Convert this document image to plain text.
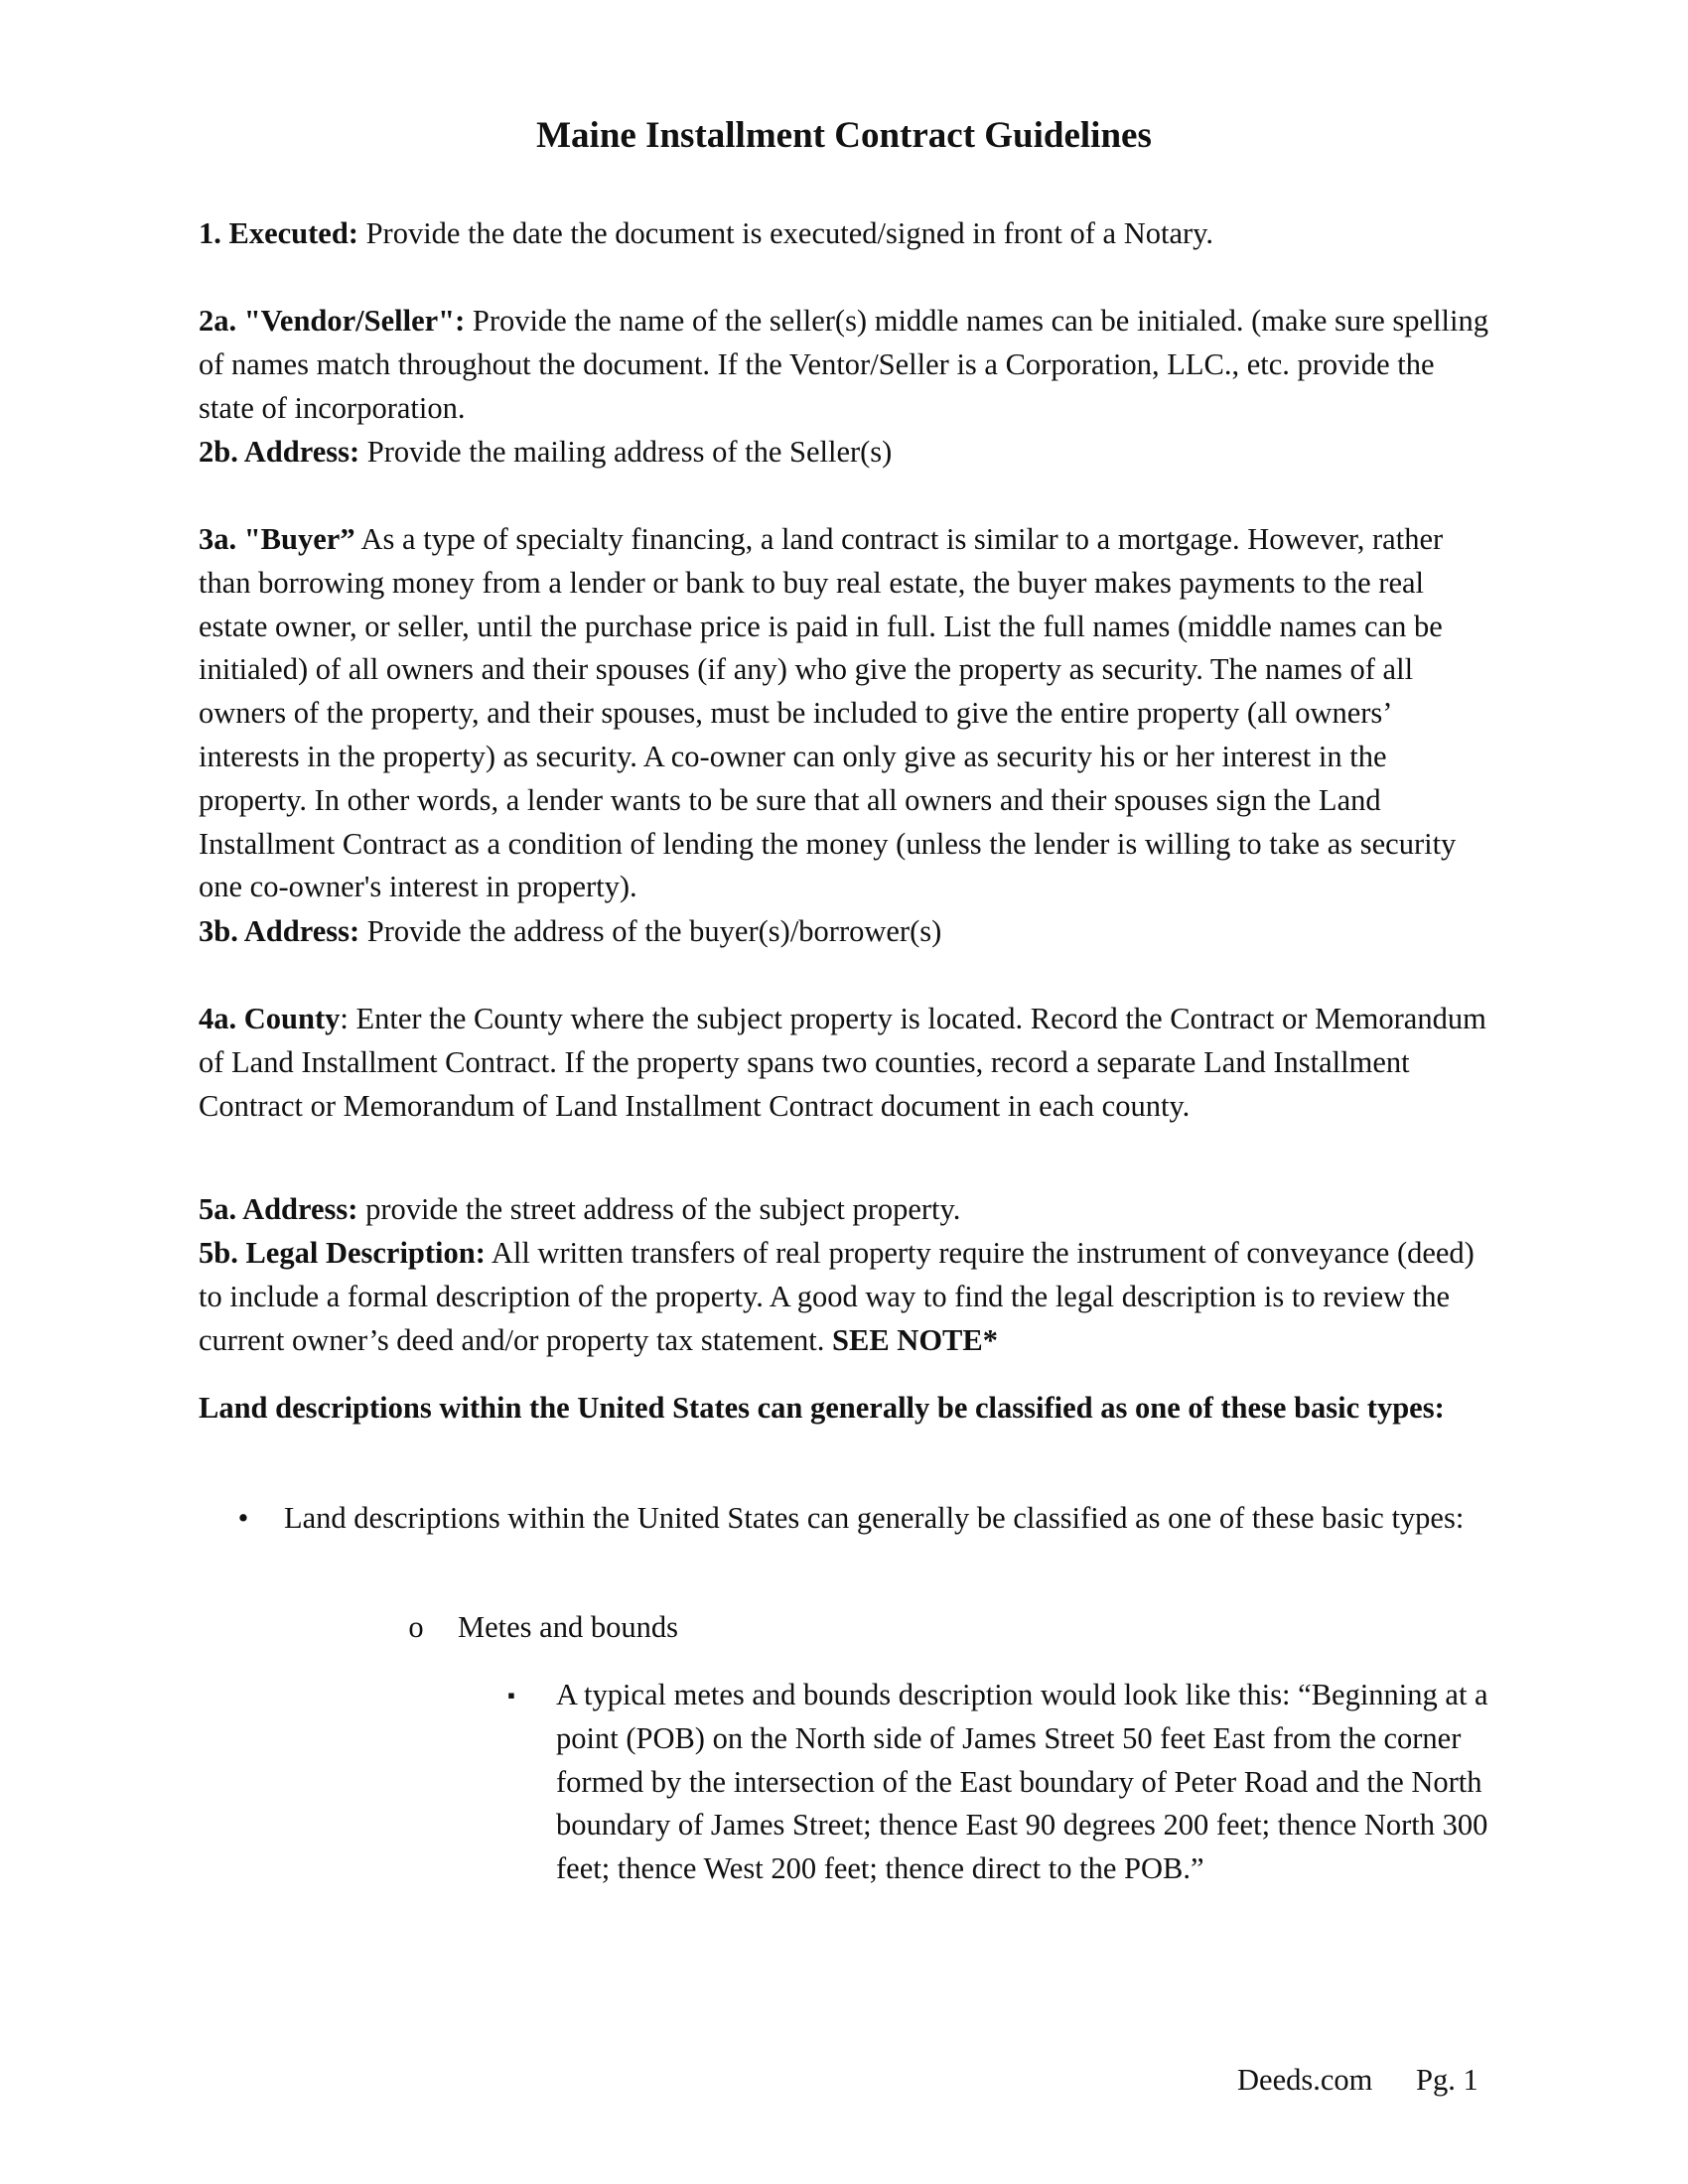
Maine Installment Contract Guidelines
1. Executed: Provide the date the document is executed/signed in front of a Notary.
2a. "Vendor/Seller": Provide the name of the seller(s) middle names can be initialed. (make sure spelling of names match throughout the document. If the Ventor/Seller is a Corporation, LLC., etc. provide the state of incorporation.
2b. Address: Provide the mailing address of the Seller(s)
3a. "Buyer” As a type of specialty financing, a land contract is similar to a mortgage. However, rather than borrowing money from a lender or bank to buy real estate, the buyer makes payments to the real estate owner, or seller, until the purchase price is paid in full. List the full names (middle names can be initialed) of all owners and their spouses (if any) who give the property as security. The names of all owners of the property, and their spouses, must be included to give the entire property (all owners’ interests in the property) as security. A co-owner can only give as security his or her interest in the property. In other words, a lender wants to be sure that all owners and their spouses sign the Land Installment Contract as a condition of lending the money (unless the lender is willing to take as security one co-owner's interest in property).
3b. Address: Provide the address of the buyer(s)/borrower(s)
4a. County: Enter the County where the subject property is located. Record the Contract or Memorandum of Land Installment Contract. If the property spans two counties, record a separate Land Installment Contract or Memorandum of Land Installment Contract document in each county.
5a. Address: provide the street address of the subject property.
5b. Legal Description: All written transfers of real property require the instrument of conveyance (deed) to include a formal description of the property. A good way to find the legal description is to review the current owner’s deed and/or property tax statement. SEE NOTE*
Land descriptions within the United States can generally be classified as one of these basic types:
•	Land descriptions within the United States can generally be classified as one of these basic types:
o Metes and bounds
▪	A typical metes and bounds description would look like this: “Beginning at a point (POB) on the North side of James Street 50 feet East from the corner formed by the intersection of the East boundary of Peter Road and the North boundary of James Street; thence East 90 degrees 200 feet; thence North 300 feet; thence West 200 feet; thence direct to the POB.”
Deeds.com Pg. 1
